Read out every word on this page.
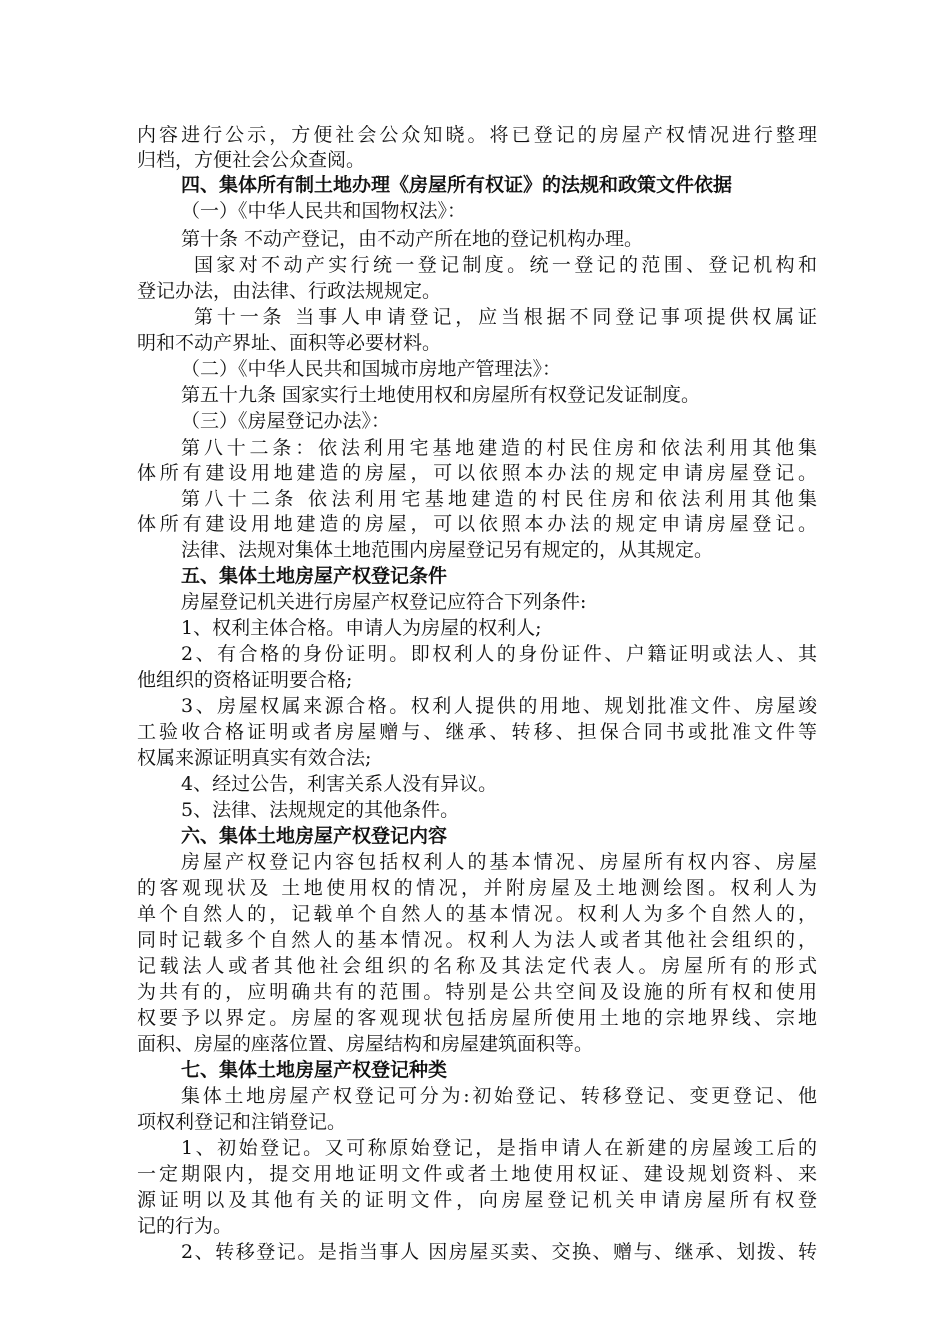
内容进行公示，方便社会公众知晓。将已登记的房屋产权情况进行整理
归档，方便社会公众查阅。
四、集体所有制土地办理《房屋所有权证》的法规和政策文件依据
（一）《中华人民共和国物权法》：
第十条 不动产登记，由不动产所在地的登记机构办理。
国家对不动产实行统一登记制度。统一登记的范围、登记机构和
登记办法，由法律、行政法规规定。
第十一条 当事人申请登记，应当根据不同登记事项提供权属证
明和不动产界址、面积等必要材料。
（二）《中华人民共和国城市房地产管理法》：
第五十九条 国家实行土地使用权和房屋所有权登记发证制度。
（三）《房屋登记办法》：
第八十二条：依法利用宅基地建造的村民住房和依法利用其他集
体所有建设用地建造的房屋，可以依照本办法的规定申请房屋登记。
第八十二条 依法利用宅基地建造的村民住房和依法利用其他集
体所有建设用地建造的房屋，可以依照本办法的规定申请房屋登记。
法律、法规对集体土地范围内房屋登记另有规定的，从其规定。
五、集体土地房屋产权登记条件
房屋登记机关进行房屋产权登记应符合下列条件:
1、权利主体合格。申请人为房屋的权利人;
2、有合格的身份证明。即权利人的身份证件、户籍证明或法人、其
他组织的资格证明要合格;
3、房屋权属来源合格。权利人提供的用地、规划批准文件、房屋竣
工验收合格证明或者房屋赠与、继承、转移、担保合同书或批准文件等
权属来源证明真实有效合法;
4、经过公告，利害关系人没有异议。
5、法律、法规规定的其他条件。
六、集体土地房屋产权登记内容
房屋产权登记内容包括权利人的基本情况、房屋所有权内容、房屋
的客观现状及 土地使用权的情况，并附房屋及土地测绘图。权利人为
单个自然人的，记载单个自然人的基本情况。权利人为多个自然人的，
同时记载多个自然人的基本情况。权利人为法人或者其他社会组织的，
记载法人或者其他社会组织的名称及其法定代表人。房屋所有的形式
为共有的，应明确共有的范围。特别是公共空间及设施的所有权和使用
权要予以界定。房屋的客观现状包括房屋所使用土地的宗地界线、宗地
面积、房屋的座落位置、房屋结构和房屋建筑面积等。
七、集体土地房屋产权登记种类
集体土地房屋产权登记可分为:初始登记、转移登记、变更登记、他
项权利登记和注销登记。
1、初始登记。又可称原始登记，是指申请人在新建的房屋竣工后的
一定期限内，提交用地证明文件或者土地使用权证、建设规划资料、来
源证明以及其他有关的证明文件，向房屋登记机关申请房屋所有权登
记的行为。
2、转移登记。是指当事人 因房屋买卖、交换、赠与、继承、划拨、转
